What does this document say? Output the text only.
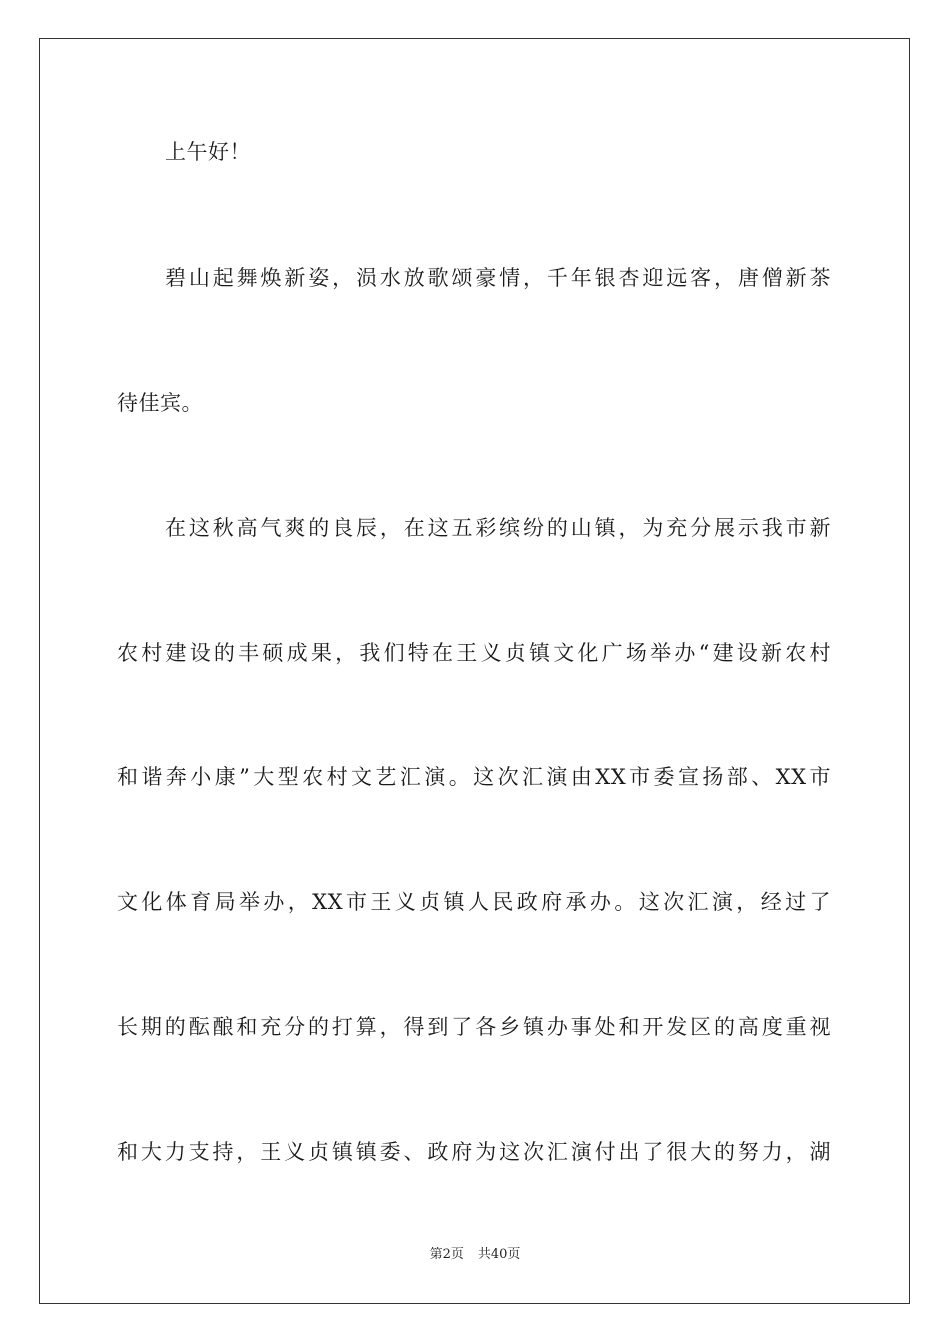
上午好！
碧山起舞焕新姿，涢水放歌颂豪情，千年银杏迎远客，唐僧新茶
待佳宾。
在这秋高气爽的良辰，在这五彩缤纷的山镇，为充分展示我市新
农村建设的丰硕成果，我们特在王义贞镇文化广场举办“建设新农村
和谐奔小康”大型农村文艺汇演。这次汇演由XX市委宣扬部、XX市
文化体育局举办，XX市王义贞镇人民政府承办。这次汇演，经过了
长期的酝酿和充分的打算，得到了各乡镇办事处和开发区的高度重视
和大力支持，王义贞镇镇委、政府为这次汇演付出了很大的努力，湖
第2页 共40页
